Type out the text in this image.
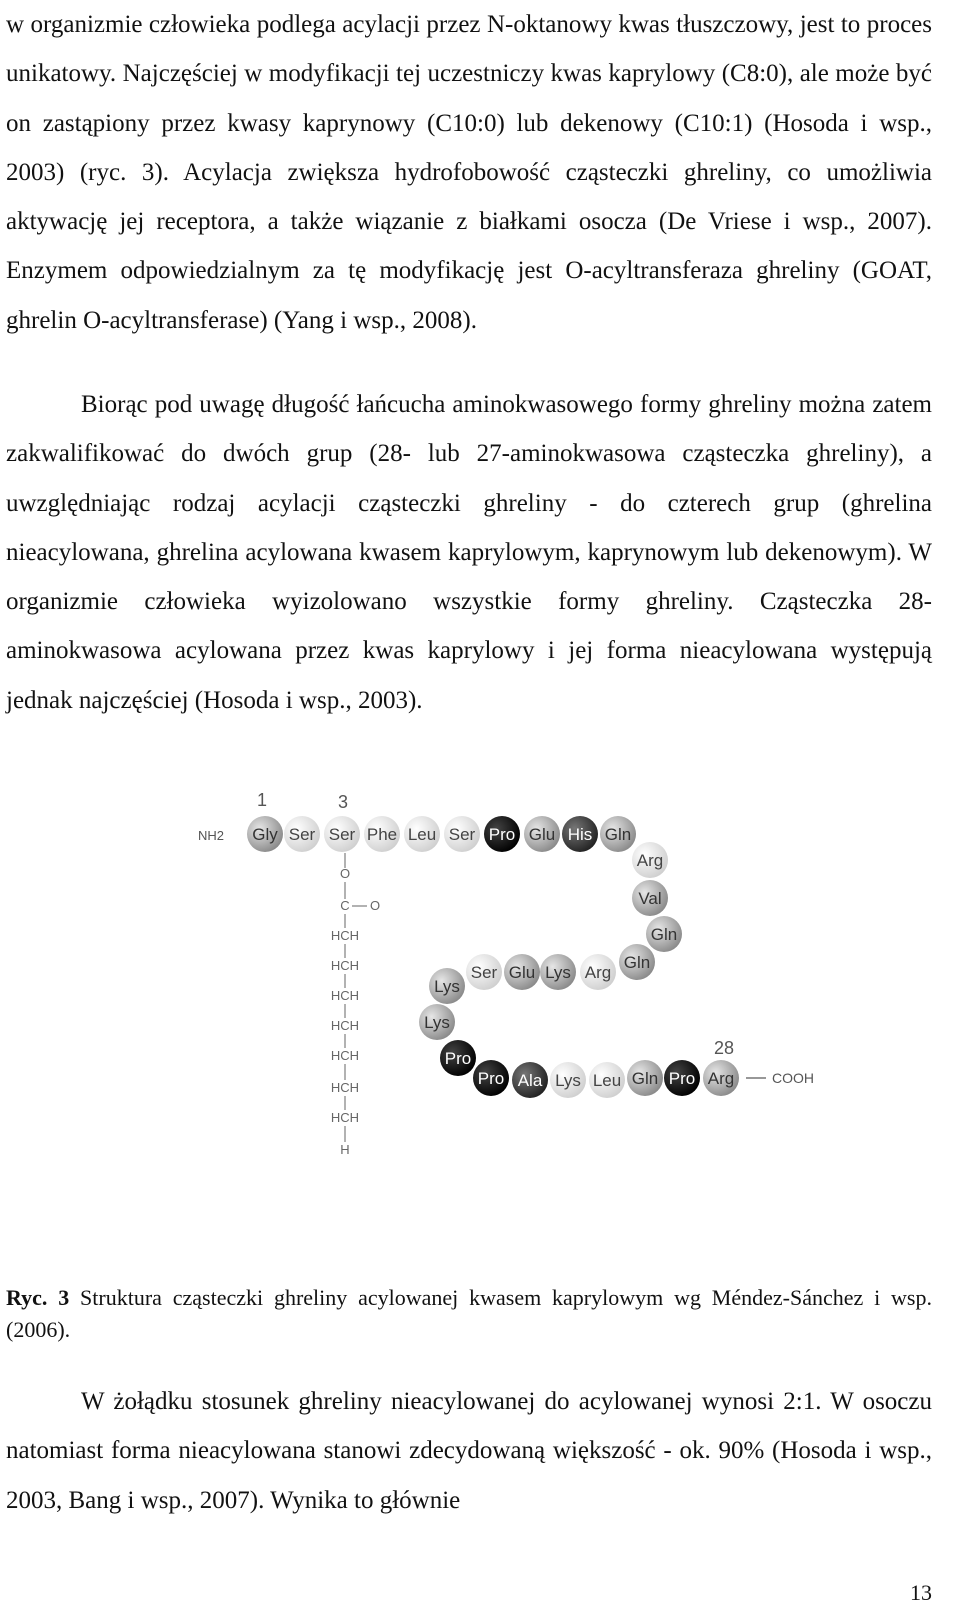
w organizmie człowieka podlega acylacji przez N-oktanowy kwas tłuszczowy, jest to proces unikatowy. Najczęściej w modyfikacji tej uczestniczy kwas kaprylowy (C8:0), ale może być on zastąpiony przez kwasy kaprynowy (C10:0) lub dekenowy (C10:1) (Hosoda i wsp., 2003) (ryc. 3). Acylacja zwiększa hydrofobowość cząsteczki ghreliny, co umożliwia aktywację jej receptora, a także wiązanie z białkami osocza (De Vriese i wsp., 2007). Enzymem odpowiedzialnym za tę modyfikację jest O-acyltransferaza ghreliny (GOAT, ghrelin O-acyltransferase) (Yang i wsp., 2008).

Biorąc pod uwagę długość łańcucha aminokwasowego formy ghreliny można zatem zakwalifikować do dwóch grup (28- lub 27-aminokwasowa cząsteczka ghreliny), a uwzględniając rodzaj acylacji cząsteczki ghreliny - do czterech grup (ghrelina nieacylowana, ghrelina acylowana kwasem kaprylowym, kaprynowym lub dekenowym). W organizmie człowieka wyizolowano wszystkie formy ghreliny. Cząsteczka 28-aminokwasowa acylowana przez kwas kaprylowy i jej forma nieacylowana występują jednak najczęściej (Hosoda i wsp., 2003).

Gly Ser Ser Phe Leu Ser Pro Glu His Gln
Arg
Val
Gln
Gln
Arg
Lys
Glu
Ser
Lys
Lys
Pro
Pro Ala Lys Leu Gln Pro Arg
O
C O
HCH
HCH
HCH
HCH
HCH
HCH
HCH
H
NH2
COOH
1	3
28

Ryc. 3 Struktura cząsteczki ghreliny acylowanej kwasem kaprylowym wg Méndez-Sánchez i wsp. (2006).

W żołądku stosunek ghreliny nieacylowanej do acylowanej wynosi 2:1. W osoczu natomiast forma nieacylowana stanowi zdecydowaną większość - ok. 90% (Hosoda i wsp., 2003, Bang i wsp., 2007). Wynika to głównie

13
